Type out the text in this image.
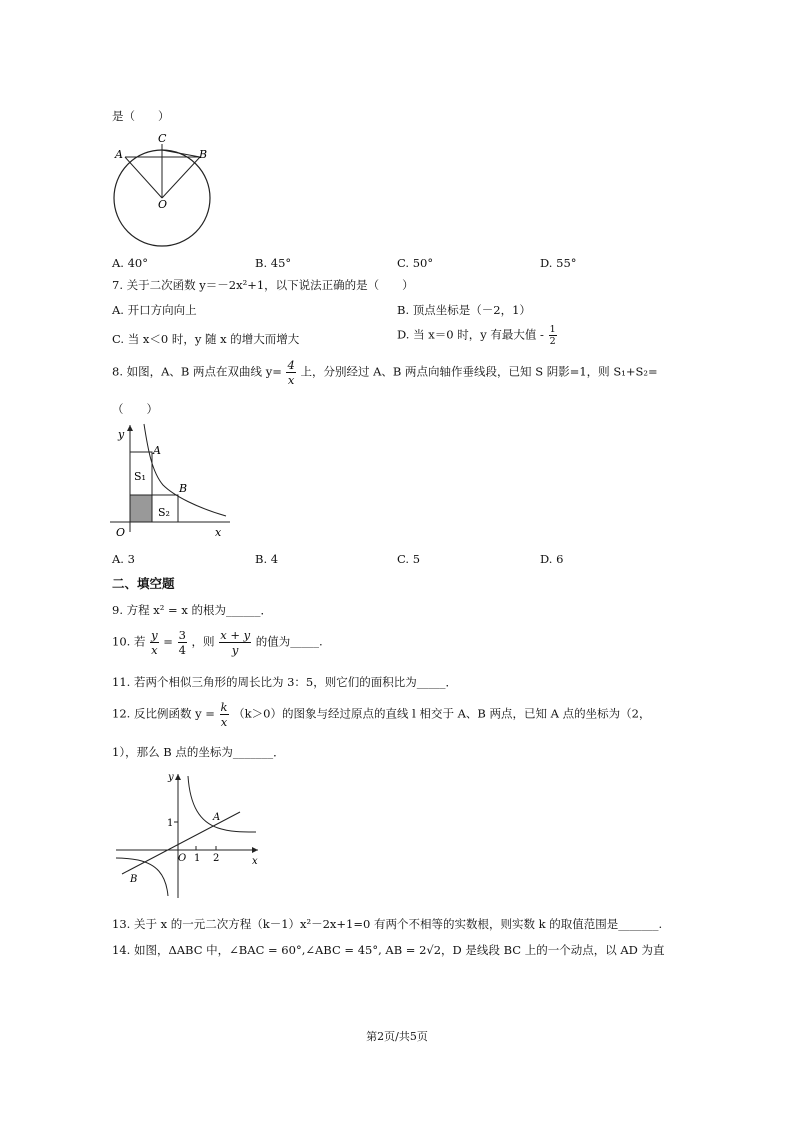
是（　　）
C
A	B
O
A. 40°	B. 45°	C. 50°	D. 55°
7. 关于二次函数 y＝－2x²+1，以下说法正确的是（　　）
A. 开口方向向上	B. 顶点坐标是（－2，1）
C. 当 x＜0 时，y 随 x 的增大而增大	D. 当 x＝0 时，y 有最大值 - $\frac{1}{2}$
8. 如图，A、B 两点在双曲线 $y= \frac{4}{x}$ 上，分别经过 A、B 两点向轴作垂线段，已知 S 阴影=1，则 S₁+S₂=
（　　）
y
x
O
A
B
S₁
S₂
A. 3	B. 4	C. 5	D. 6
二、填空题
9. 方程 x² = x 的根为______．
10. 若 $\frac{y}{x} = \frac{3}{4}$ ，则 $\frac{x + y}{y}$ 的值为_____.
11. 若两个相似三角形的周长比为 3：5，则它们的面积比为_____．
12. 反比例函数 $y = \frac{k}{x} (k>0)$的图象与经过原点的直线 l 相交于 A、B 两点，已知 A 点的坐标为（2，
1），那么 B 点的坐标为_______．
y
x
O 1 2
1
A
B
13. 关于 x 的一元二次方程（k－1）x²－2x+1=0 有两个不相等的实数根，则实数 k 的取值范围是_______.
14. 如图，ΔABC 中，∠BAC = 60°,∠ABC = 45°, AB = 2√2，D 是线段 BC 上的一个动点，以 AD 为直
第2页/共5页
